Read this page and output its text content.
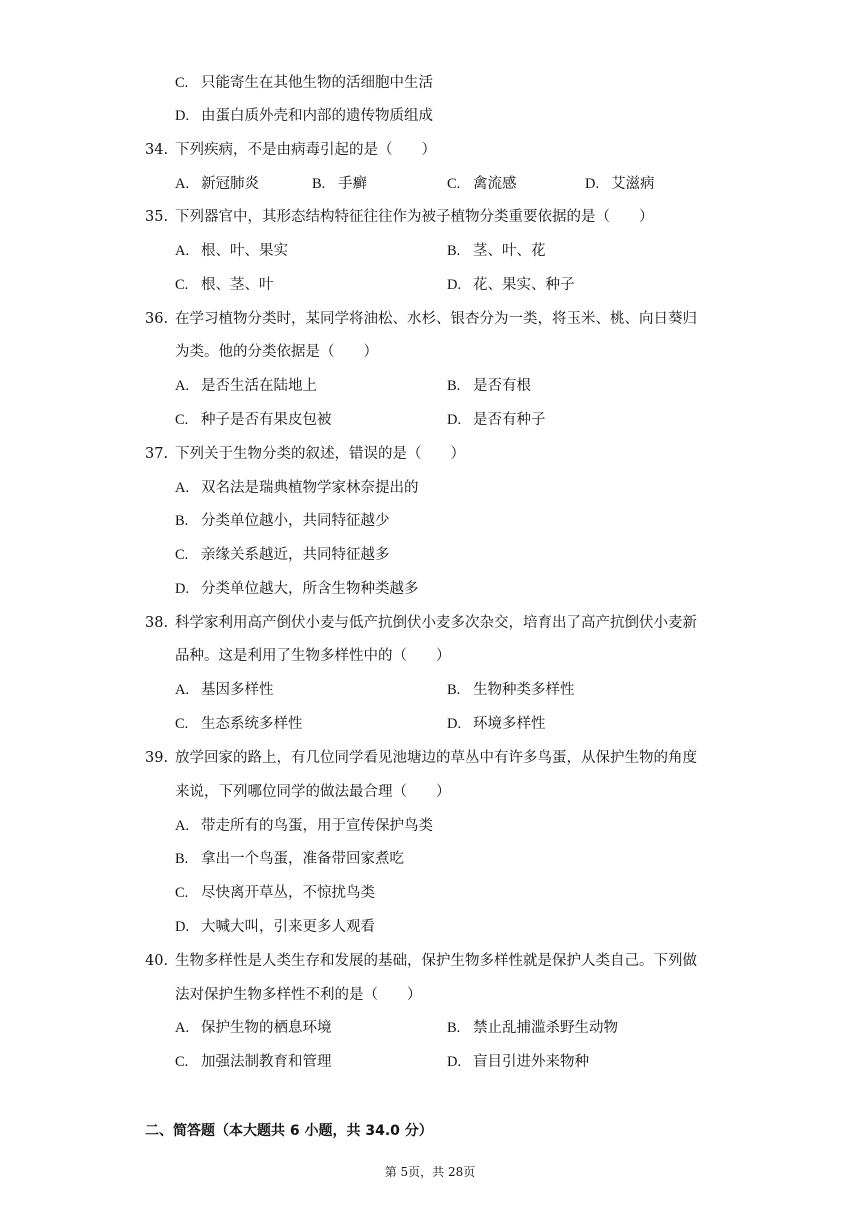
C. 只能寄生在其他生物的活细胞中生活
D. 由蛋白质外壳和内部的遗传物质组成
34. 下列疾病，不是由病毒引起的是（　　）
A. 新冠肺炎	B. 手癣	C. 禽流感	D. 艾滋病
35. 下列器官中，其形态结构特征往往作为被子植物分类重要依据的是（　　）
A. 根、叶、果实	B. 茎、叶、花
C. 根、茎、叶	D. 花、果实、种子
36. 在学习植物分类时，某同学将油松、水杉、银杏分为一类，将玉米、桃、向日葵归
为类。他的分类依据是（　　）
A. 是否生活在陆地上	B. 是否有根
C. 种子是否有果皮包被	D. 是否有种子
37. 下列关于生物分类的叙述，错误的是（　　）
A. 双名法是瑞典植物学家林奈提出的
B. 分类单位越小，共同特征越少
C. 亲缘关系越近，共同特征越多
D. 分类单位越大，所含生物种类越多
38. 科学家利用高产倒伏小麦与低产抗倒伏小麦多次杂交，培育出了高产抗倒伏小麦新
品种。这是利用了生物多样性中的（　　）
A. 基因多样性	B. 生物种类多样性
C. 生态系统多样性	D. 环境多样性
39. 放学回家的路上，有几位同学看见池塘边的草丛中有许多鸟蛋，从保护生物的角度
来说，下列哪位同学的做法最合理（　　）
A. 带走所有的鸟蛋，用于宣传保护鸟类
B. 拿出一个鸟蛋，准备带回家煮吃
C. 尽快离开草丛，不惊扰鸟类
D. 大喊大叫，引来更多人观看
40. 生物多样性是人类生存和发展的基础，保护生物多样性就是保护人类自己。下列做
法对保护生物多样性不利的是（　　）
A. 保护生物的栖息环境	B. 禁止乱捕滥杀野生动物
C. 加强法制教育和管理	D. 盲目引进外来物种
二、简答题（本大题共 6 小题，共 34.0 分）
第 5页，共 28页
